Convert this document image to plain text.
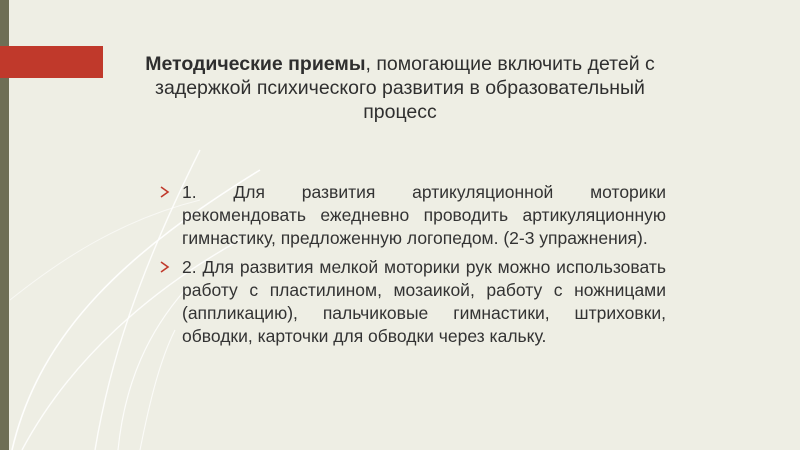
Методические приемы, помогающие включить детей с задержкой психического развития в образовательный процесс
1. Для развития артикуляционной моторики рекомендовать ежедневно проводить артикуляционную гимнастику, предложенную логопедом. (2-3 упражнения).
2. Для развития мелкой моторики рук можно использовать работу с пластилином, мозаикой, работу с ножницами (аппликацию), пальчиковые гимнастики, штриховки, обводки, карточки для обводки через кальку.
